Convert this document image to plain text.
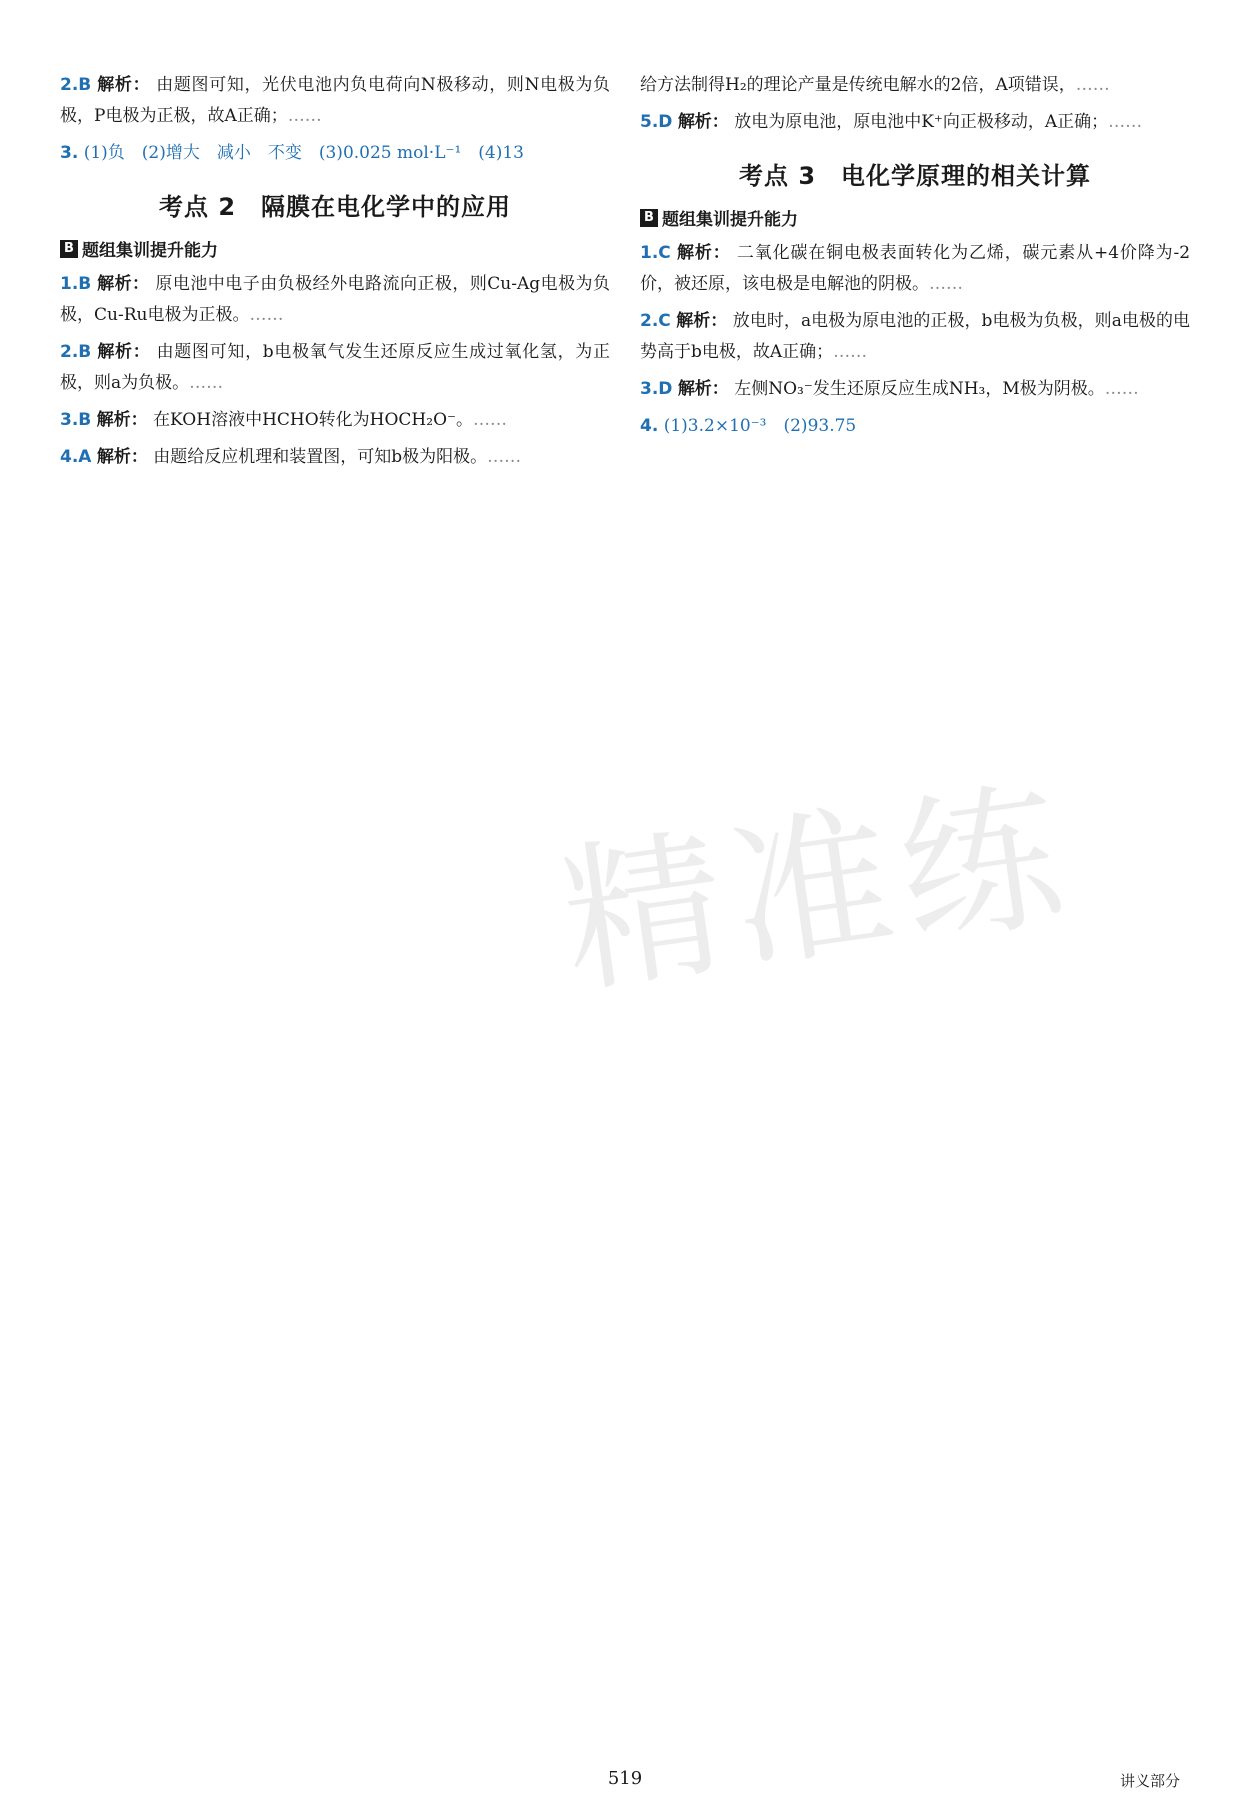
2.B 解析： 由题图可知，光伏电池内负电荷向N极移动，则N电极为负极，P电极为正极，故A正确；……

3. (1)负　(2)增大　减小　不变　(3)0.025 mol·L⁻¹　(4)13

考点 2　隔膜在电化学中的应用
B 题组集训提升能力

1.B 解析： 原电池中电子由负极经外电路流向正极，则Cu-Ag电极为负极，Cu-Ru电极为正极。……

2.B 解析： 由题图可知，b电极氧气发生还原反应生成过氧化氢，为正极，则a为负极。……

3.B 解析： 在KOH溶液中HCHO转化为HOCH₂O⁻。……

4.A 解析： 由题给反应机理和装置图，可知b极为阳极。……

给方法制得H₂的理论产量是传统电解水的2倍，A项错误，……

5.D 解析： 放电为原电池，原电池中K⁺向正极移动，A正确；……

考点 3　电化学原理的相关计算
B 题组集训提升能力

1.C 解析： 二氧化碳在铜电极表面转化为乙烯，碳元素从+4价降为-2价，被还原，该电极是电解池的阴极。……

2.C 解析： 放电时，a电极为原电池的正极，b电极为负极，则a电极的电势高于b电极，故A正确；……

3.D 解析： 左侧NO₃⁻发生还原反应生成NH₃，M极为阴极。……

4. (1)3.2×10⁻³　(2)93.75

精准练
519	讲义部分
